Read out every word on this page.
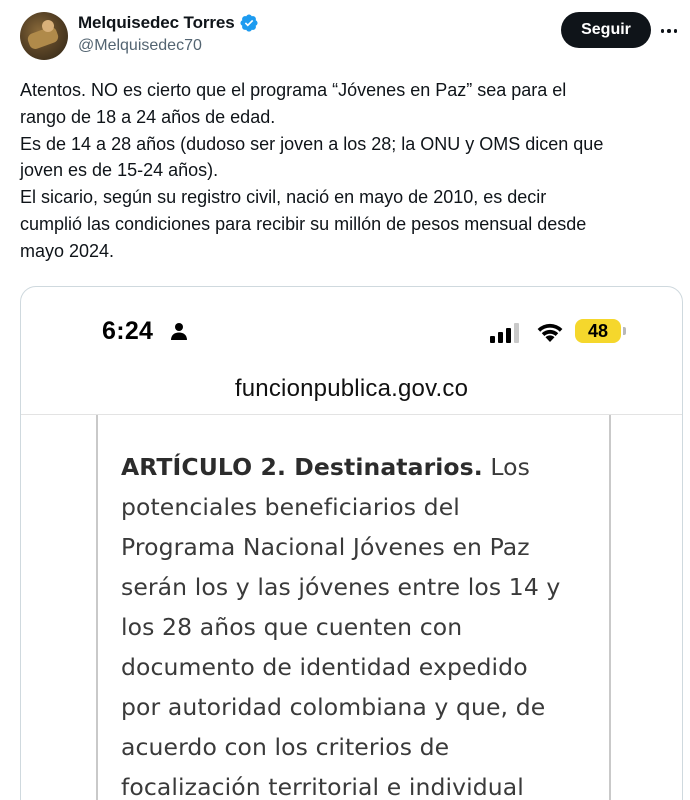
Melquisedec Torres
@Melquisedec70
Seguir

Atentos. NO es cierto que el programa “Jóvenes en Paz” sea para el

rango de 18 a 24 años de edad.

Es de 14 a 28 años (dudoso ser joven a los 28; la ONU y OMS dicen que

joven es de 15-24 años).

El sicario, según su registro civil, nació en mayo de 2010, es decir

cumplió las condiciones para recibir su millón de pesos mensual desde

mayo 2024.

6:24	48
funcionpublica.gov.co
ARTÍCULO 2. Destinatarios. Los
potenciales beneficiarios del
Programa Nacional Jóvenes en Paz
serán los y las jóvenes entre los 14 y
los 28 años que cuenten con
documento de identidad expedido
por autoridad colombiana y que, de
acuerdo con los criterios de
focalización territorial e individual
